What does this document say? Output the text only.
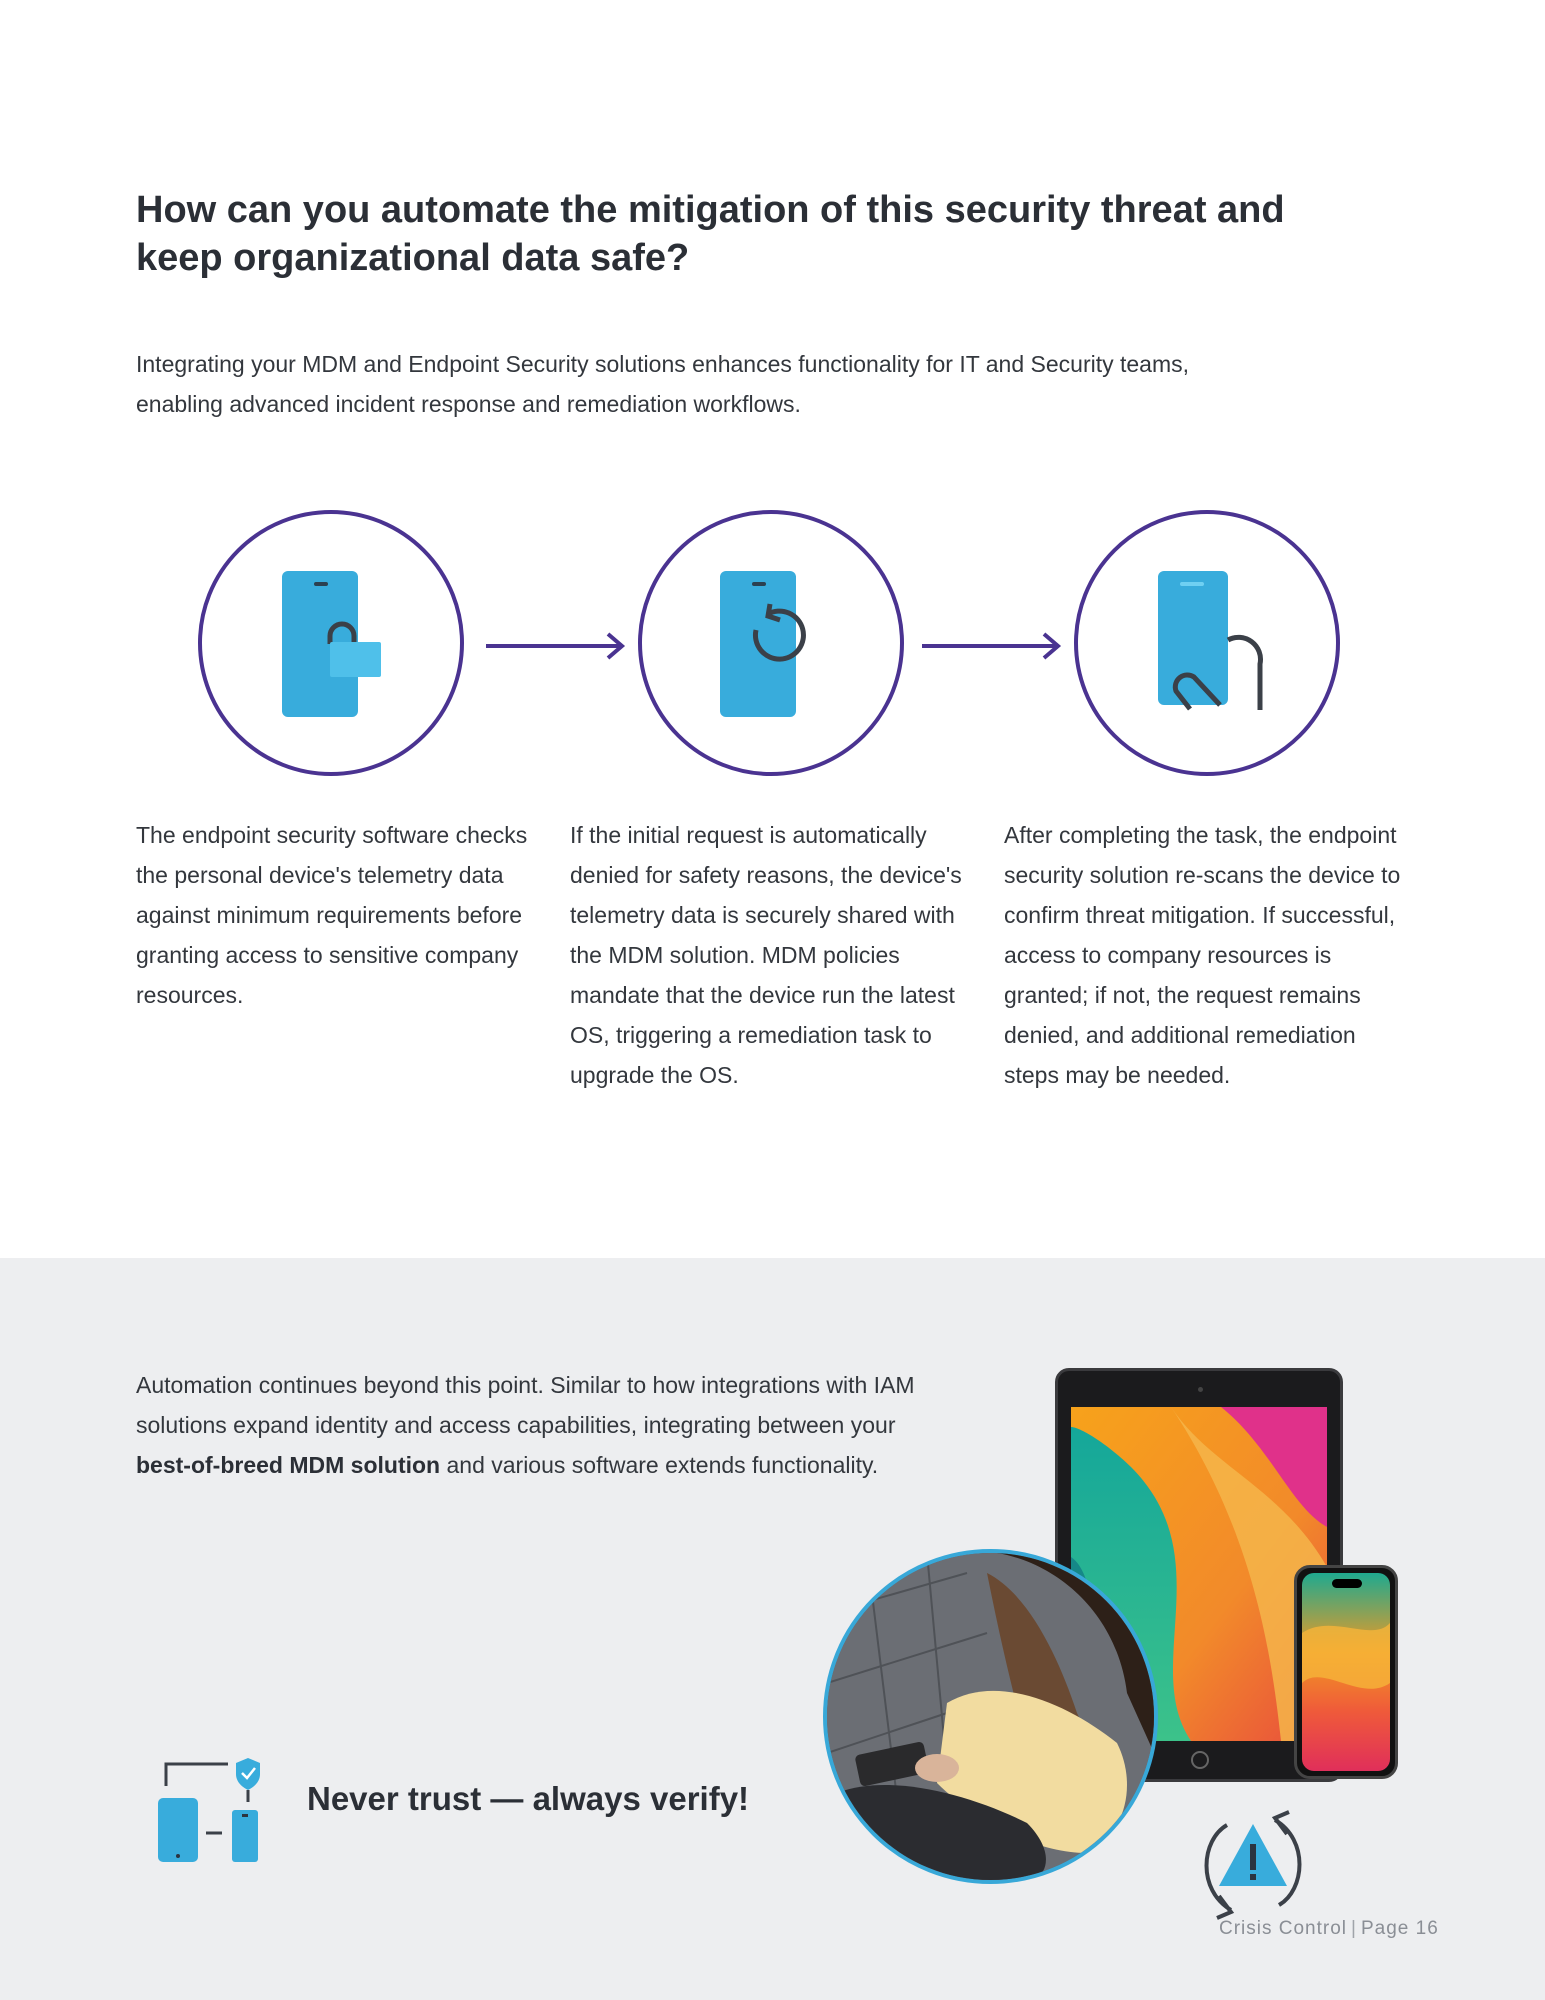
How can you automate the mitigation of this security threat and keep organizational data safe?

Integrating your MDM and Endpoint Security solutions enhances functionality for IT and Security teams, enabling advanced incident response and remediation workflows.

The endpoint security software checks the personal device's telemetry data against minimum requirements before granting access to sensitive company resources.

If the initial request is automatically denied for safety reasons, the device's telemetry data is securely shared with the MDM solution. MDM policies mandate that the device run the latest OS, triggering a remediation task to upgrade the OS.

After completing the task, the endpoint security solution re-scans the device to confirm threat mitigation. If successful, access to company resources is granted; if not, the request remains denied, and additional remediation steps may be needed.

Automation continues beyond this point. Similar to how integrations with IAM solutions expand identity and access capabilities, integrating between your best-of-breed MDM solution and various software extends functionality.

Never trust — always verify!
Crisis Control | Page 16
